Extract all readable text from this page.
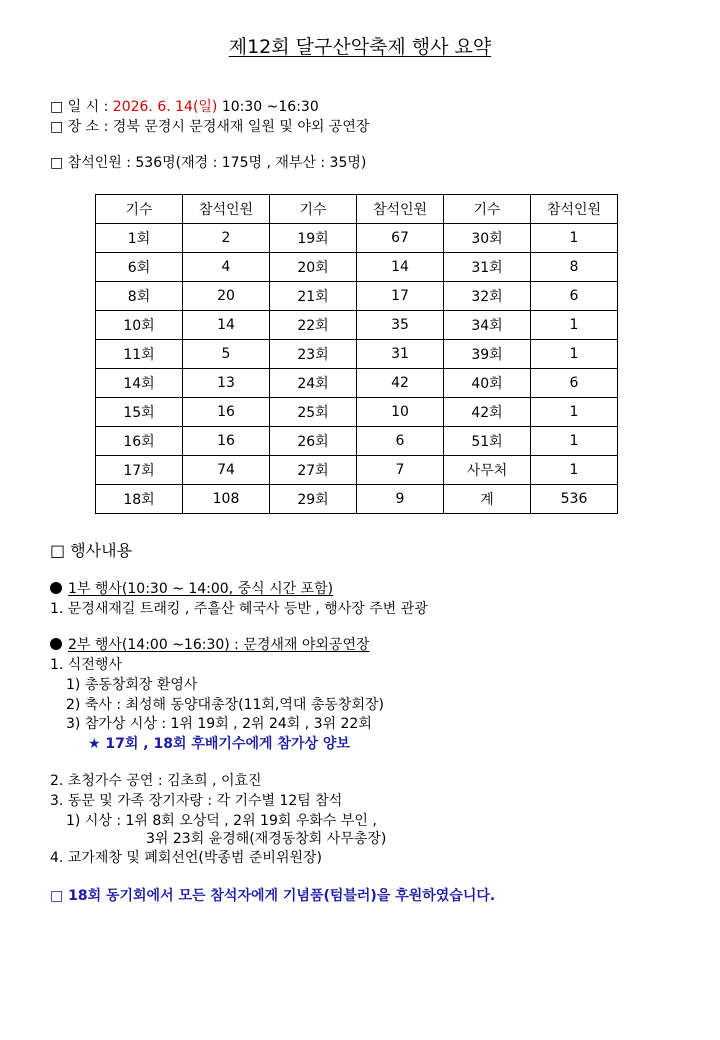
제12회 달구산악축제 행사 요약
□ 일 시 : 2026. 6. 14(일) 10:30 ~16:30
□ 장 소 : 경북 문경시 문경새재 일원 및 야외 공연장
□ 참석인원 : 536명(재경 : 175명 , 재부산 : 35명)
기수	참석인원	기수	참석인원	기수	참석인원
1회	2	19회	67	30회	1
6회	4	20회	14	31회	8
8회	20	21회	17	32회	6
10회	14	22회	35	34회	1
11회	5	23회	31	39회	1
14회	13	24회	42	40회	6
15회	16	25회	10	42회	1
16회	16	26회	6	51회	1
17회	74	27회	7	사무처	1
18회	108	29회	9	계	536
□ 행사내용
1부 행사(10:30 ~ 14:00, 중식 시간 포함)
1. 문경새재길 트래킹 , 주흘산 혜국사 등반 , 행사장 주변 관광
2부 행사(14:00 ~16:30) : 문경새재 야외공연장
1. 식전행사
1) 총동창회장 환영사
2) 축사 : 최성해 동양대총장(11회,역대 총동창회장)
3) 참가상 시상 : 1위 19회 , 2위 24회 , 3위 22회
★ 17회 , 18회 후배기수에게 참가상 양보
2. 초청가수 공연 : 김초희 , 이효진
3. 동문 및 가족 장기자랑 : 각 기수별 12팀 참석
1) 시상 : 1위 8회 오상덕 , 2위 19회 우화수 부인 ,
3위 23회 윤경해(재경동창회 사무총장)
4. 교가제창 및 폐회선언(박종범 준비위원장)
□ 18회 동기회에서 모든 참석자에게 기념품(텀블러)을 후원하였습니다.
